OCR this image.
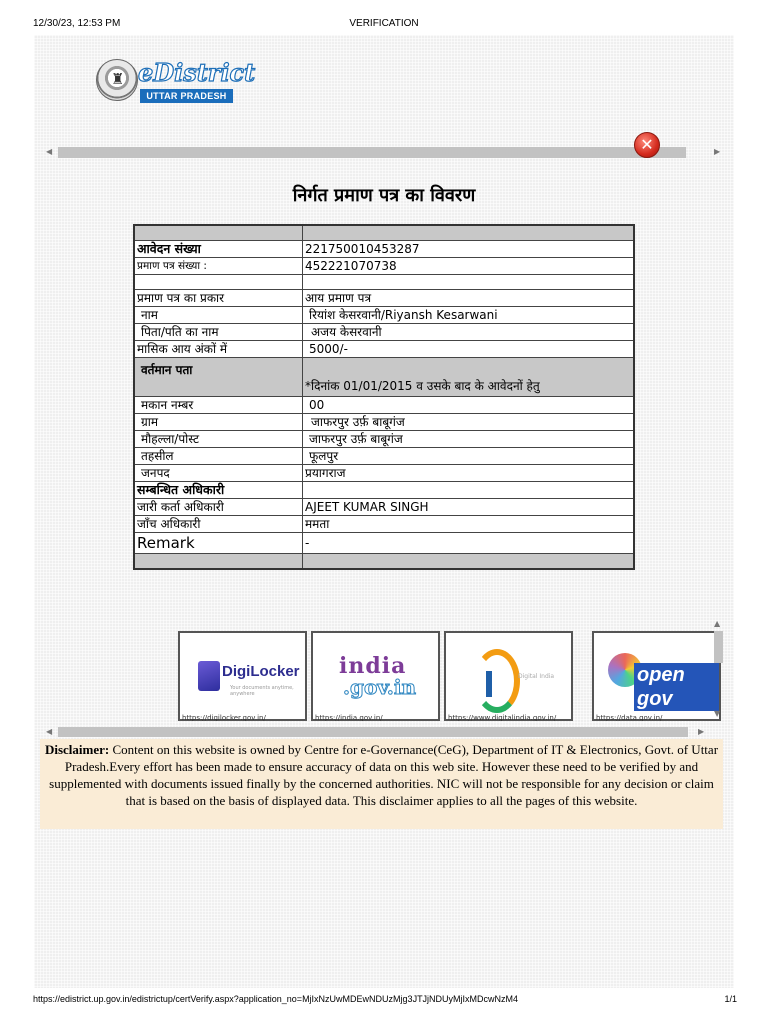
12/30/23, 12:53 PM	VERIFICATION
♜ eDistrict
UTTAR PRADESH
◀	▶
✕
निर्गत प्रमाण पत्र का विवरण

आवेदन संख्या	221750010453287
प्रमाण पत्र संख्या :	452221070738

प्रमाण पत्र का प्रकार	आय प्रमाण पत्र
नाम	रियांश केसरवानी/Riyansh Kesarwani
पिता/पति का नाम	अजय केसरवानी
मासिक आय अंकों में	5000/-
वर्तमान पता	*दिनांक 01/01/2015 व उसके बाद के आवेदनों हेतु
मकान नम्बर	00
ग्राम	जाफरपुर उर्फ़ बाबूगंज
मौहल्ला/पोस्ट	जाफरपुर उर्फ़ बाबूगंज
तहसील	फूलपुर
जनपद	प्रयागराज
सम्बन्धित अधिकारी	
जारी कर्ता अधिकारी	AJEET KUMAR SINGH
जाँच अधिकारी	ममता
Remark	-

DigiLocker
Your documents anytime, anywhere
https://digilocker.gov.in/
india
.gov.in
https://india.gov.in/
Digital India
https://www.digitalindia.gov.in/
open gov
https://data.gov.in/
▲
▼
◀	▶
Disclaimer: Content on this website is owned by Centre for e-Governance(CeG), Department of IT & Electronics, Govt. of Uttar Pradesh.Every effort has been made to ensure accuracy of data on this web site. However these need to be verified by and supplemented with documents issued finally by the concerned authorities. NIC will not be responsible for any decision or claim that is based on the basis of displayed data. This disclaimer applies to all the pages of this website.
https://edistrict.up.gov.in/edistrictup/certVerify.aspx?application_no=MjIxNzUwMDEwNDUzMjg3JTJjNDUyMjIxMDcwNzM4	1/1
